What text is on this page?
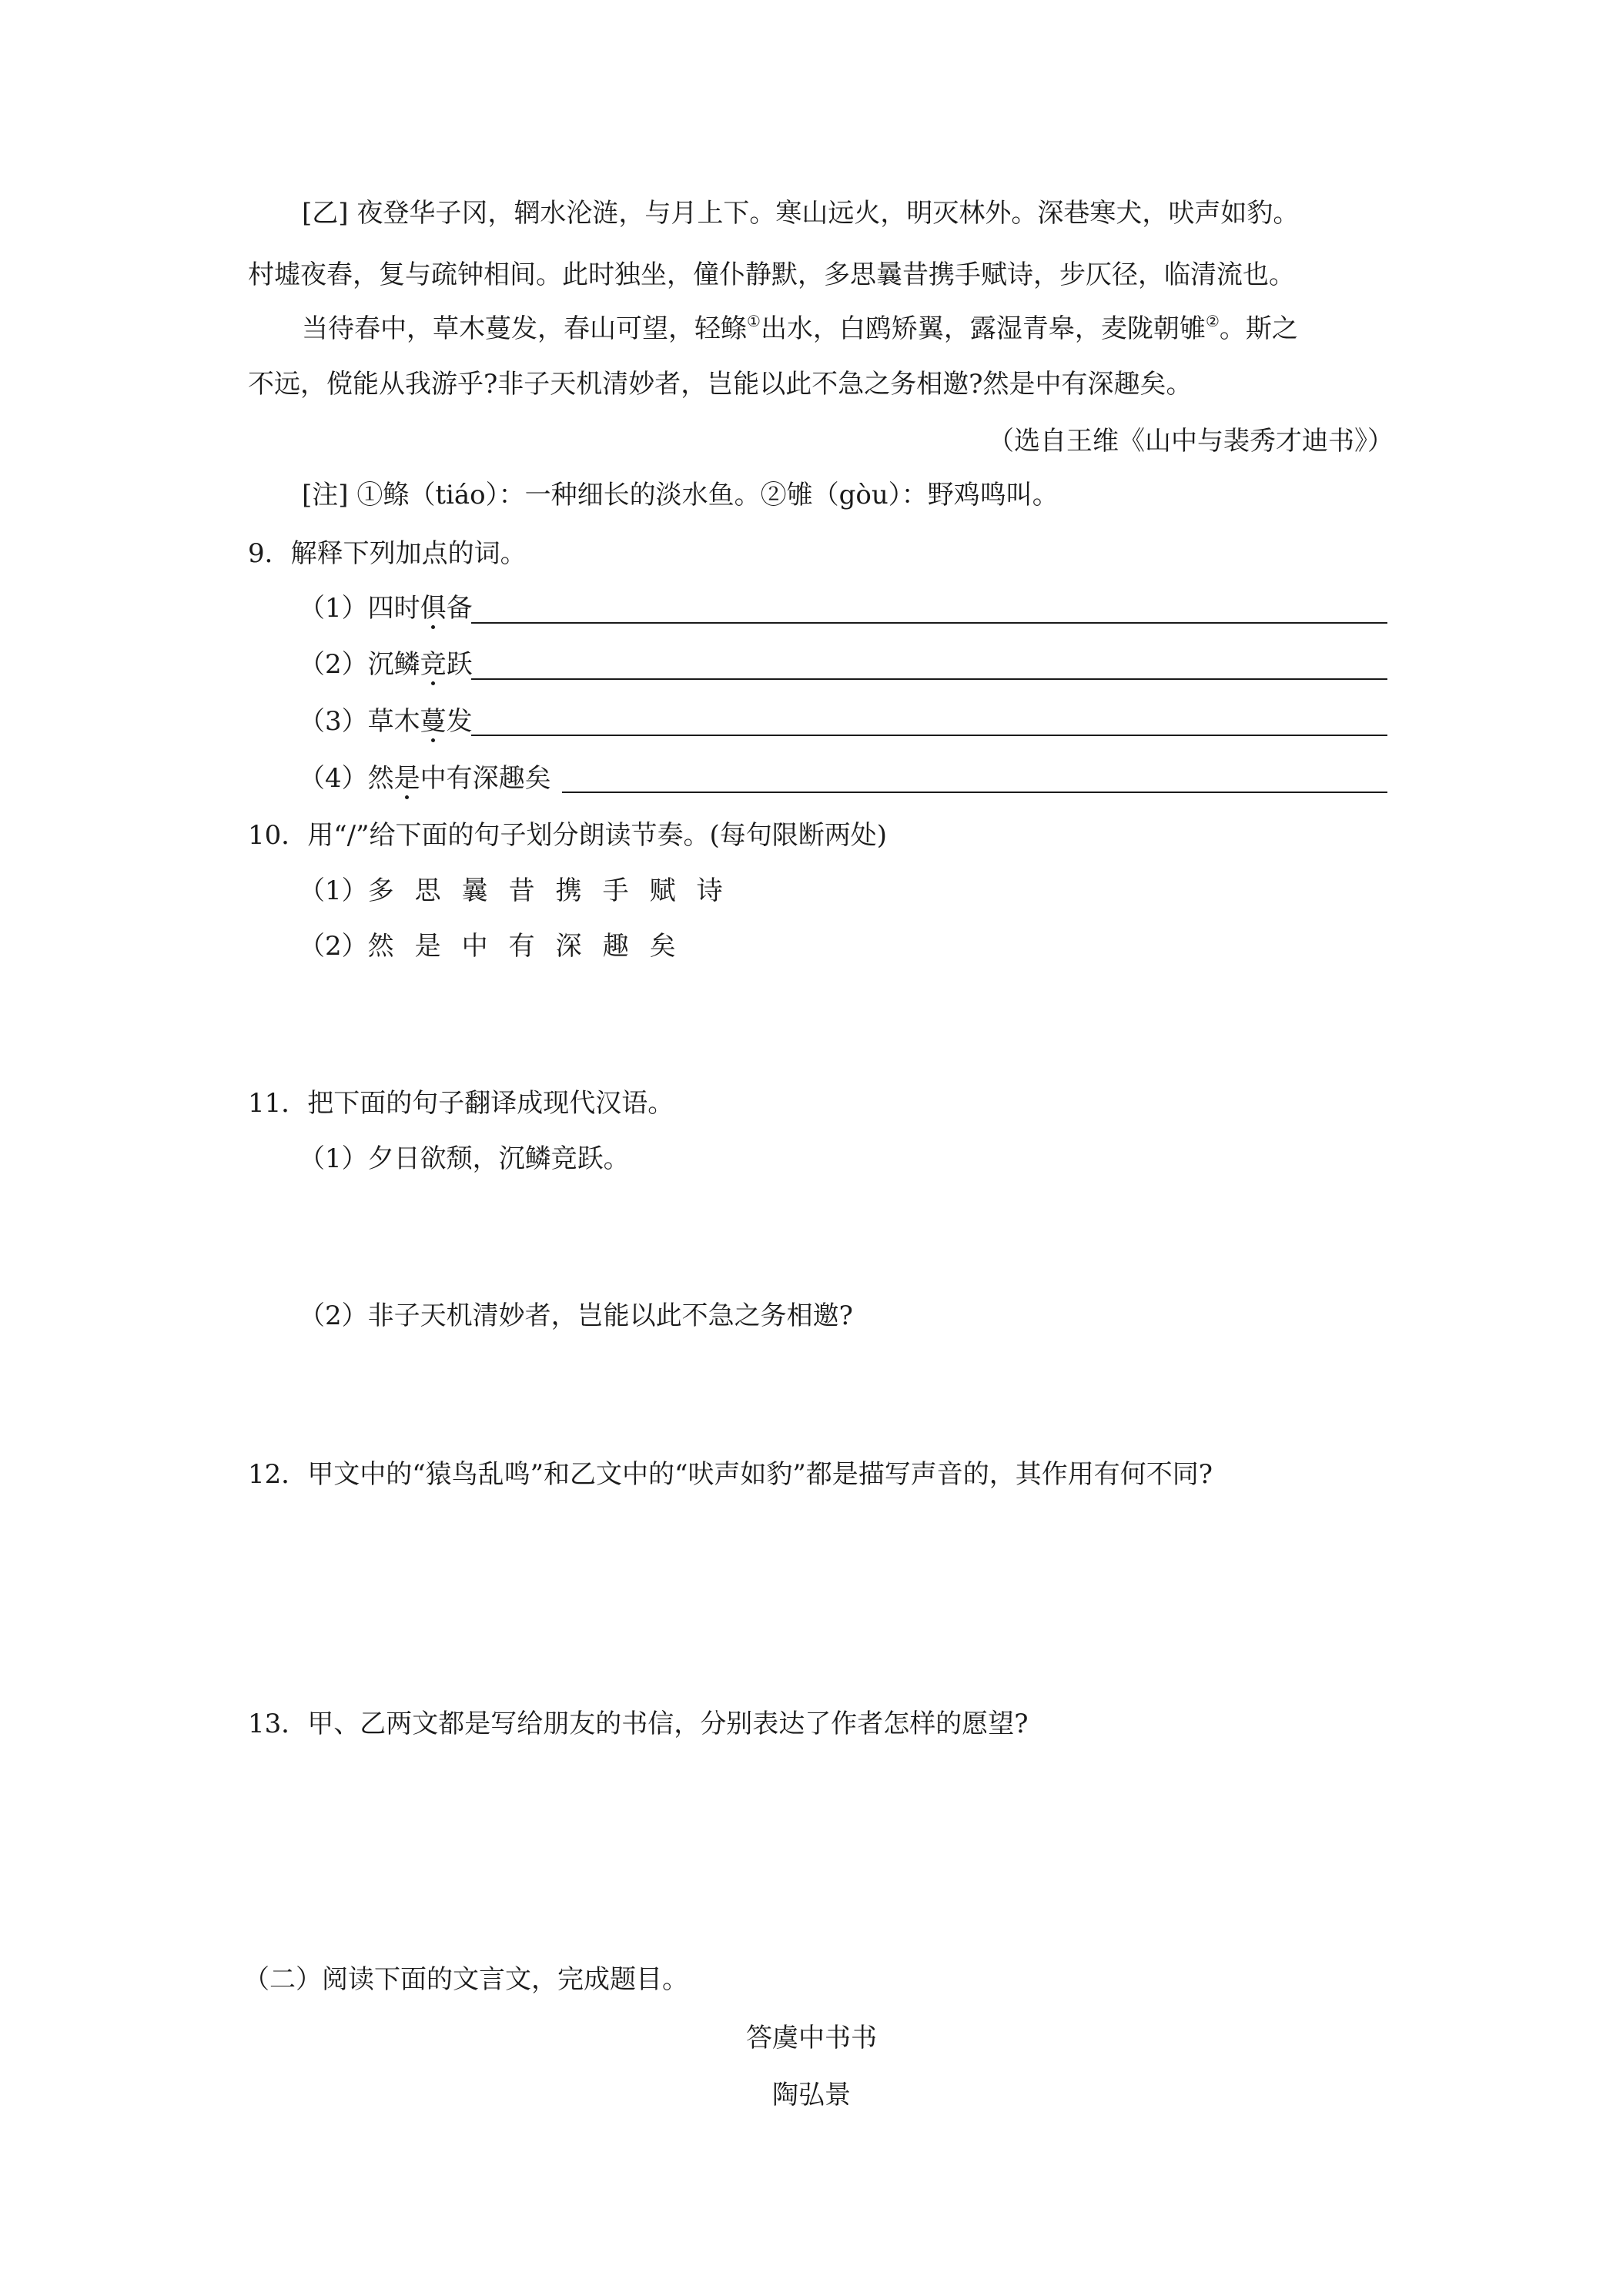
[乙] 夜登华子冈，辋水沦涟，与月上下。寒山远火，明灭林外。深巷寒犬，吠声如豹。
村墟夜舂，复与疏钟相间。此时独坐，僮仆静默，多思曩昔携手赋诗，步仄径，临清流也。
当待春中，草木蔓发，春山可望，轻鲦①出水，白鸥矫翼，露湿青皋，麦陇朝雊②。斯之
不远，傥能从我游乎?非子天机清妙者，岂能以此不急之务相邀?然是中有深趣矣。
（选自王维《山中与裴秀才迪书》）
[注] ①鲦（tiáo）：一种细长的淡水鱼。②雊（gòu）：野鸡鸣叫。
9．解释下列加点的词。
（1）四时俱备
（2）沉鳞竞跃
（3）草木蔓发
（4）然是中有深趣矣
10．用“/”给下面的句子划分朗读节奏。(每句限断两处)
（1）多思曩昔携手赋诗
（2）然是中有深趣矣
11．把下面的句子翻译成现代汉语。
（1）夕日欲颓，沉鳞竞跃。
（2）非子天机清妙者，岂能以此不急之务相邀?
12．甲文中的“猿鸟乱鸣”和乙文中的“吠声如豹”都是描写声音的，其作用有何不同?
13．甲、乙两文都是写给朋友的书信，分别表达了作者怎样的愿望?
（二）阅读下面的文言文，完成题目。
答虞中书书
陶弘景
